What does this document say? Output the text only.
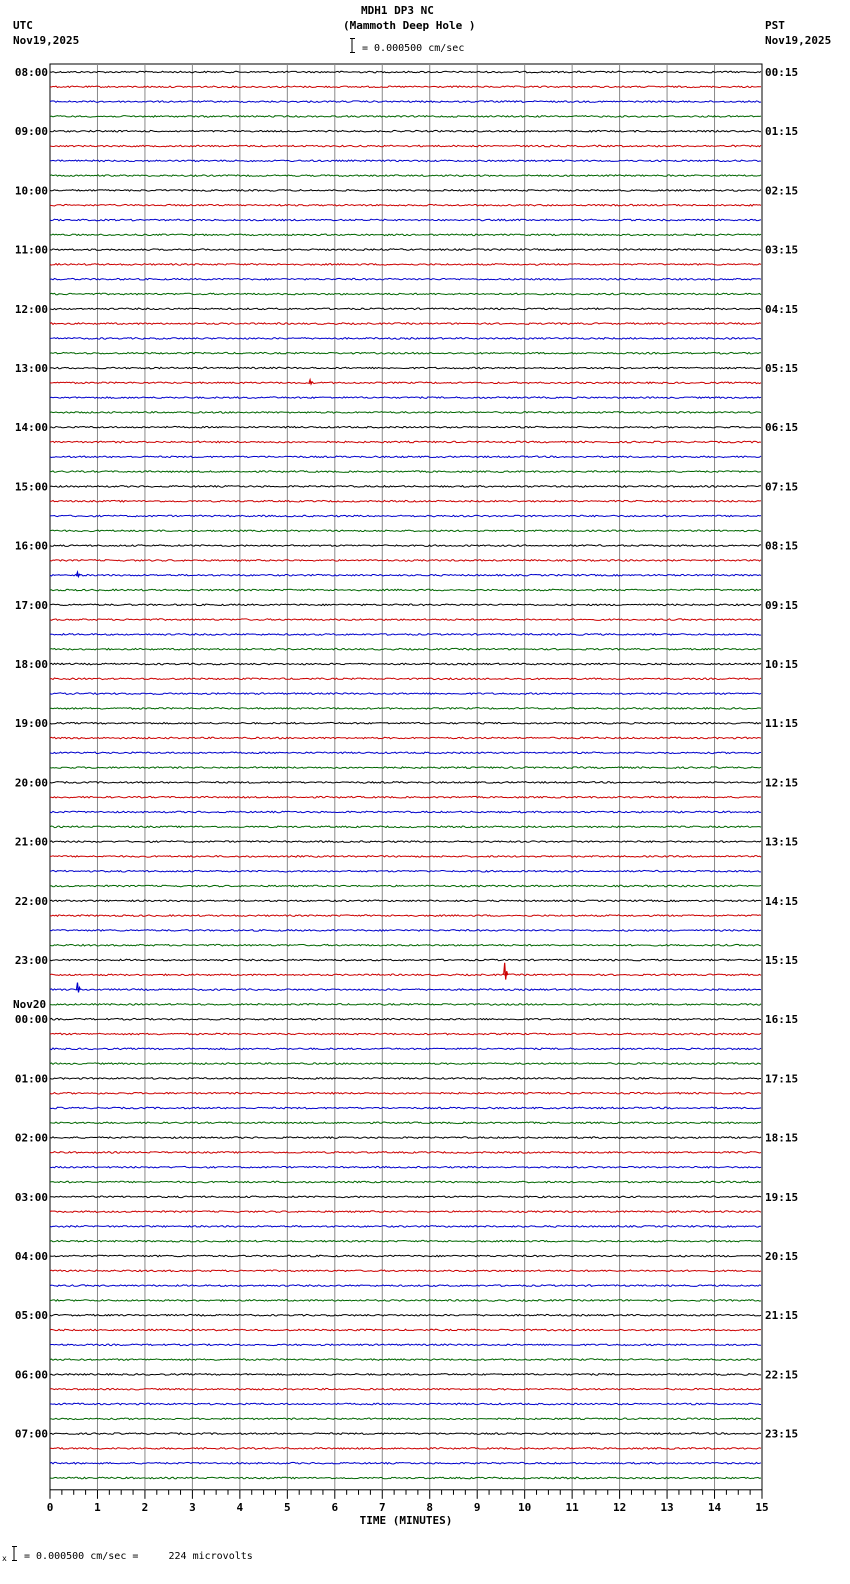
MDH1 DP3 NC
(Mammoth Deep Hole )
= 0.000500 cm/sec
UTC
Nov19,2025
PST
Nov19,2025
08:00
09:00
10:00
11:00
12:00
13:00
14:00
15:00
16:00
17:00
18:00
19:00
20:00
21:00
22:00
23:00
00:00
Nov20
01:00
02:00
03:00
04:00
05:00
06:00
07:00
00:15
01:15
02:15
03:15
04:15
05:15
06:15
07:15
08:15
09:15
10:15
11:15
12:15
13:15
14:15
15:15
16:15
17:15
18:15
19:15
20:15
21:15
22:15
23:15
0	1	2	3	4	5	6	7	8	9	10	11	12	13	14	15
TIME (MINUTES)
x = 0.000500 cm/sec =     224 microvolts
